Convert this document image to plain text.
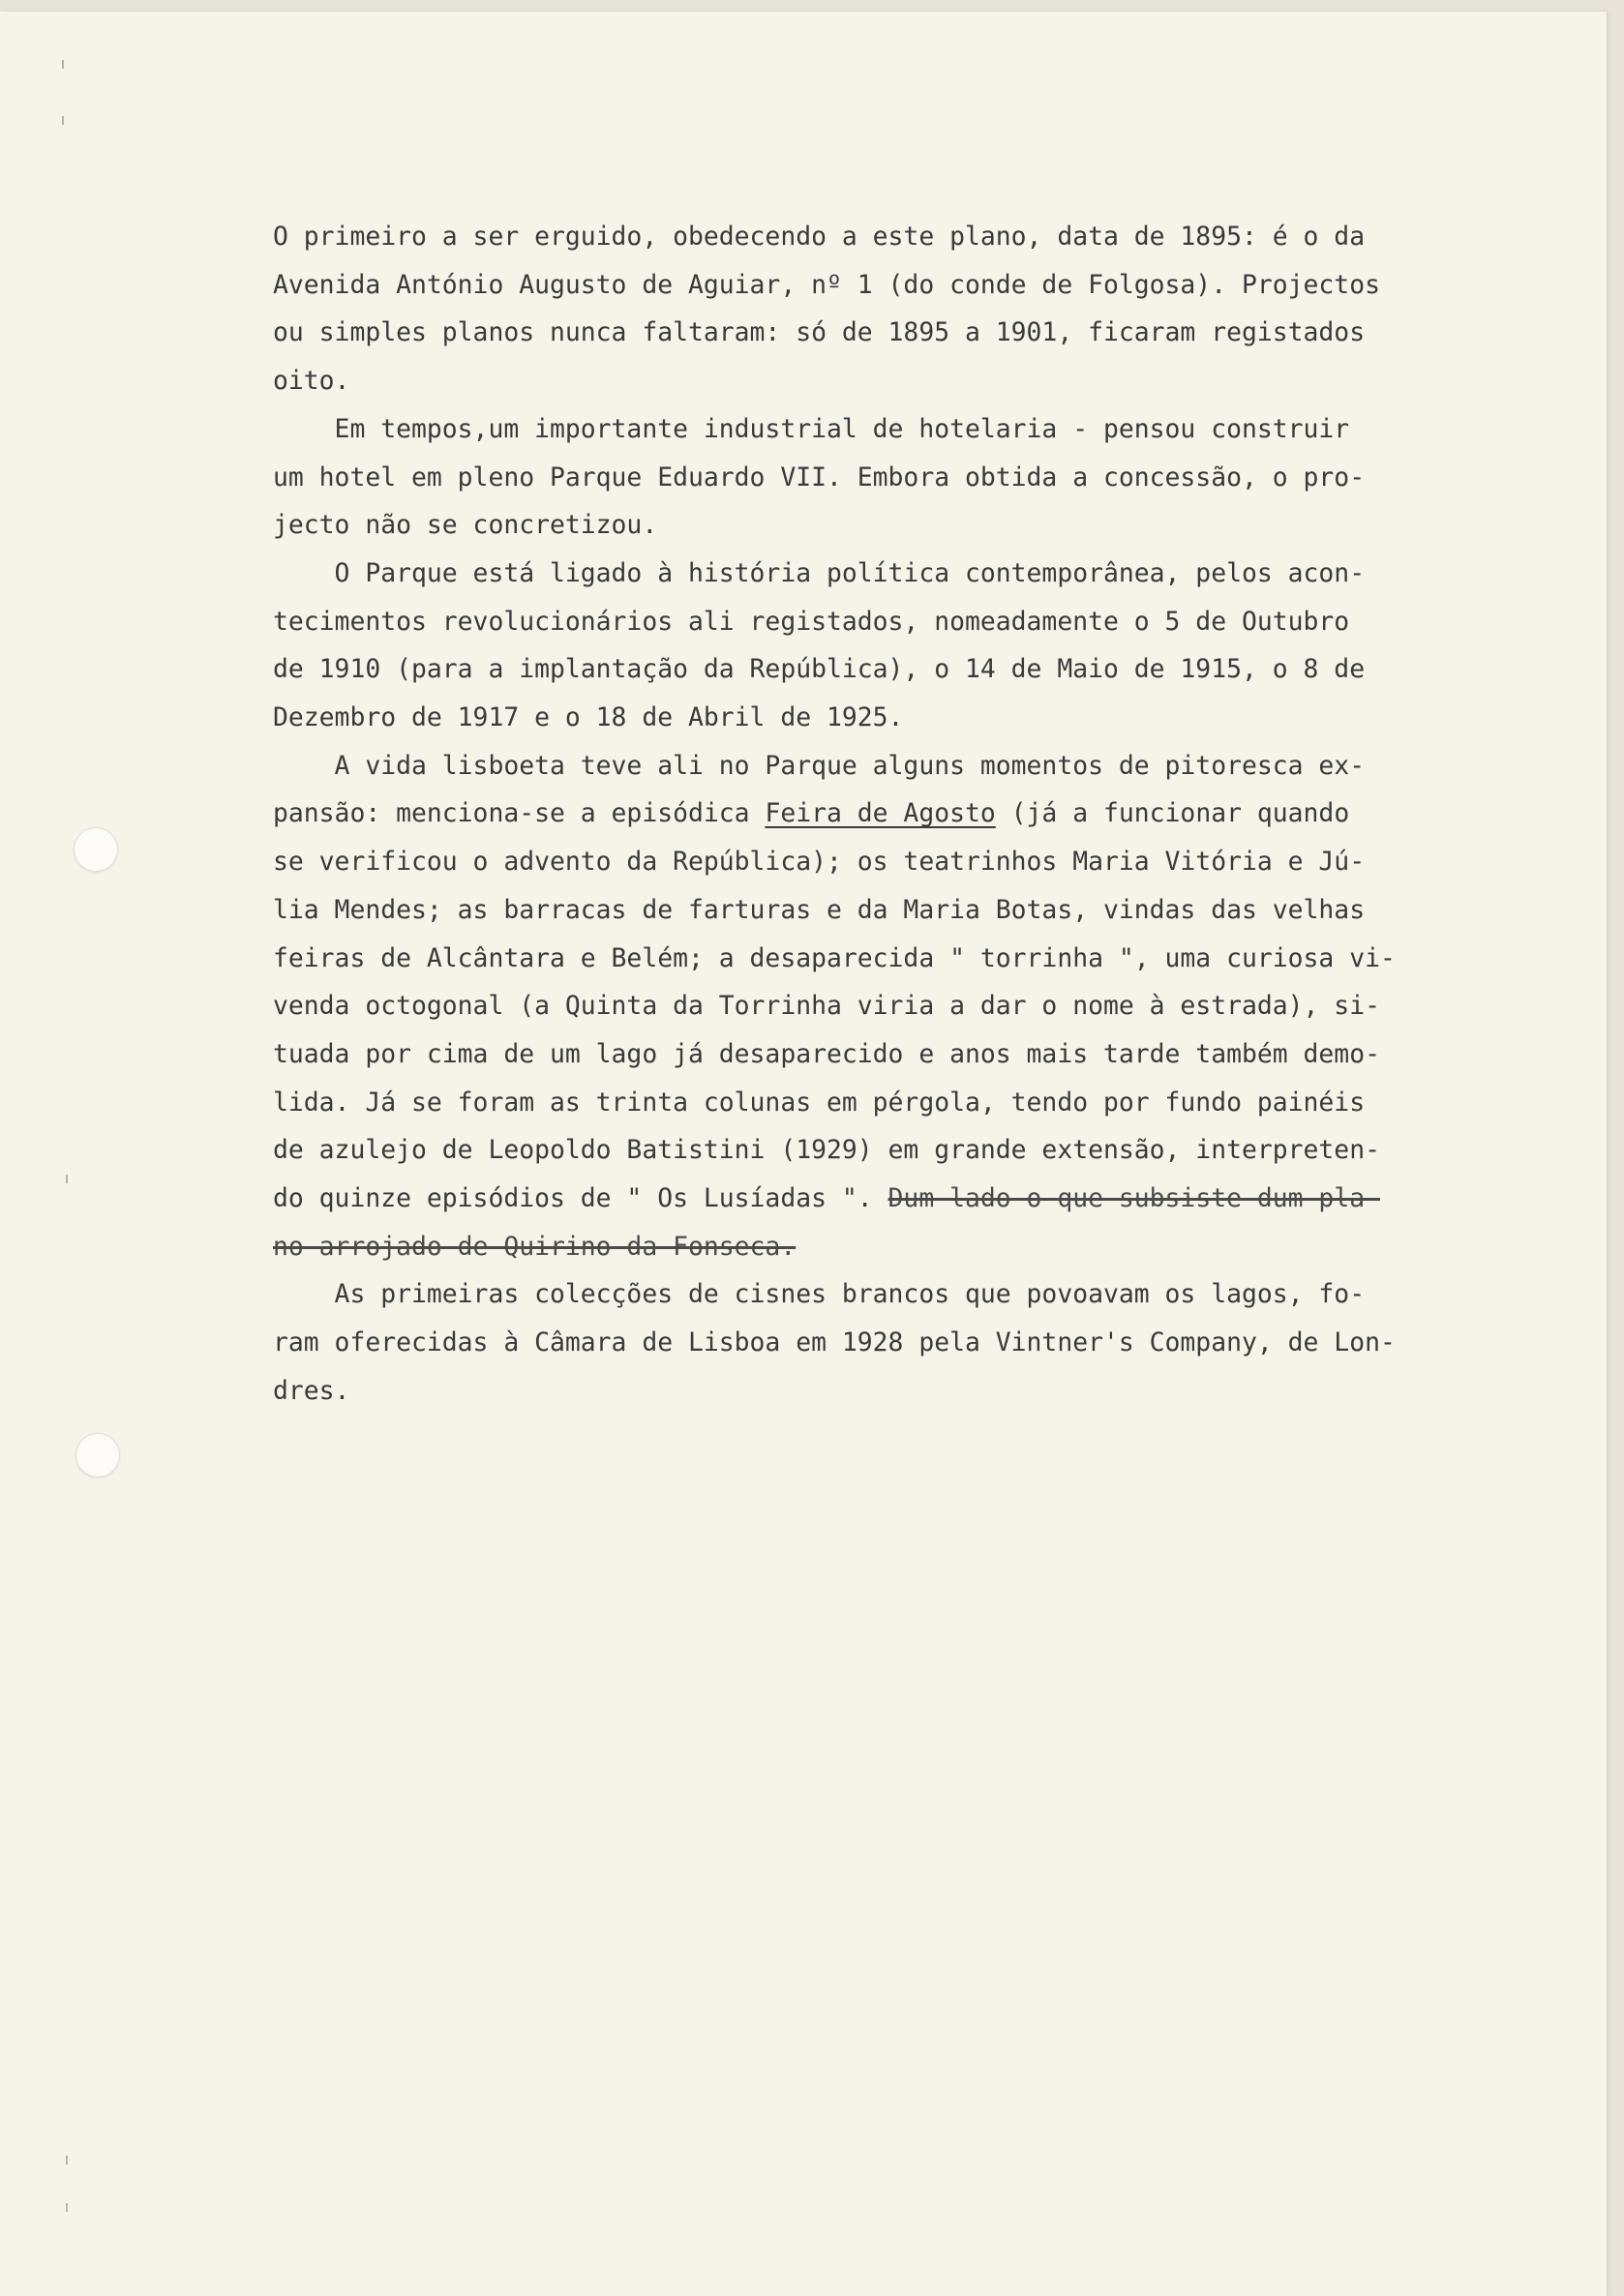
O primeiro a ser erguido, obedecendo a este plano, data de 1895: é o da
Avenida António Augusto de Aguiar, nº 1 (do conde de Folgosa). Projectos
ou simples planos nunca faltaram: só de 1895 a 1901, ficaram registados
oito.
Em tempos,um importante industrial de hotelaria - pensou construir
um hotel em pleno Parque Eduardo VII. Embora obtida a concessão, o pro-
jecto não se concretizou.
O Parque está ligado à história política contemporânea, pelos acon-
tecimentos revolucionários ali registados, nomeadamente o 5 de Outubro
de 1910 (para a implantação da República), o 14 de Maio de 1915, o 8 de
Dezembro de 1917 e o 18 de Abril de 1925.
A vida lisboeta teve ali no Parque alguns momentos de pitoresca ex-
pansão: menciona-se a episódica Feira de Agosto (já a funcionar quando
se verificou o advento da República); os teatrinhos Maria Vitória e Jú-
lia Mendes; as barracas de farturas e da Maria Botas, vindas das velhas
feiras de Alcântara e Belém; a desaparecida " torrinha ", uma curiosa vi-
venda octogonal (a Quinta da Torrinha viria a dar o nome à estrada), si-
tuada por cima de um lago já desaparecido e anos mais tarde também demo-
lida. Já se foram as trinta colunas em pérgola, tendo por fundo painéis
de azulejo de Leopoldo Batistini (1929) em grande extensão, interpreten-
do quinze episódios de " Os Lusíadas ". Dum lado o que subsiste dum pla-
no arrojado de Quirino da Fonseca.
As primeiras colecções de cisnes brancos que povoavam os lagos, fo-
ram oferecidas à Câmara de Lisboa em 1928 pela Vintner's Company, de Lon-
dres.
